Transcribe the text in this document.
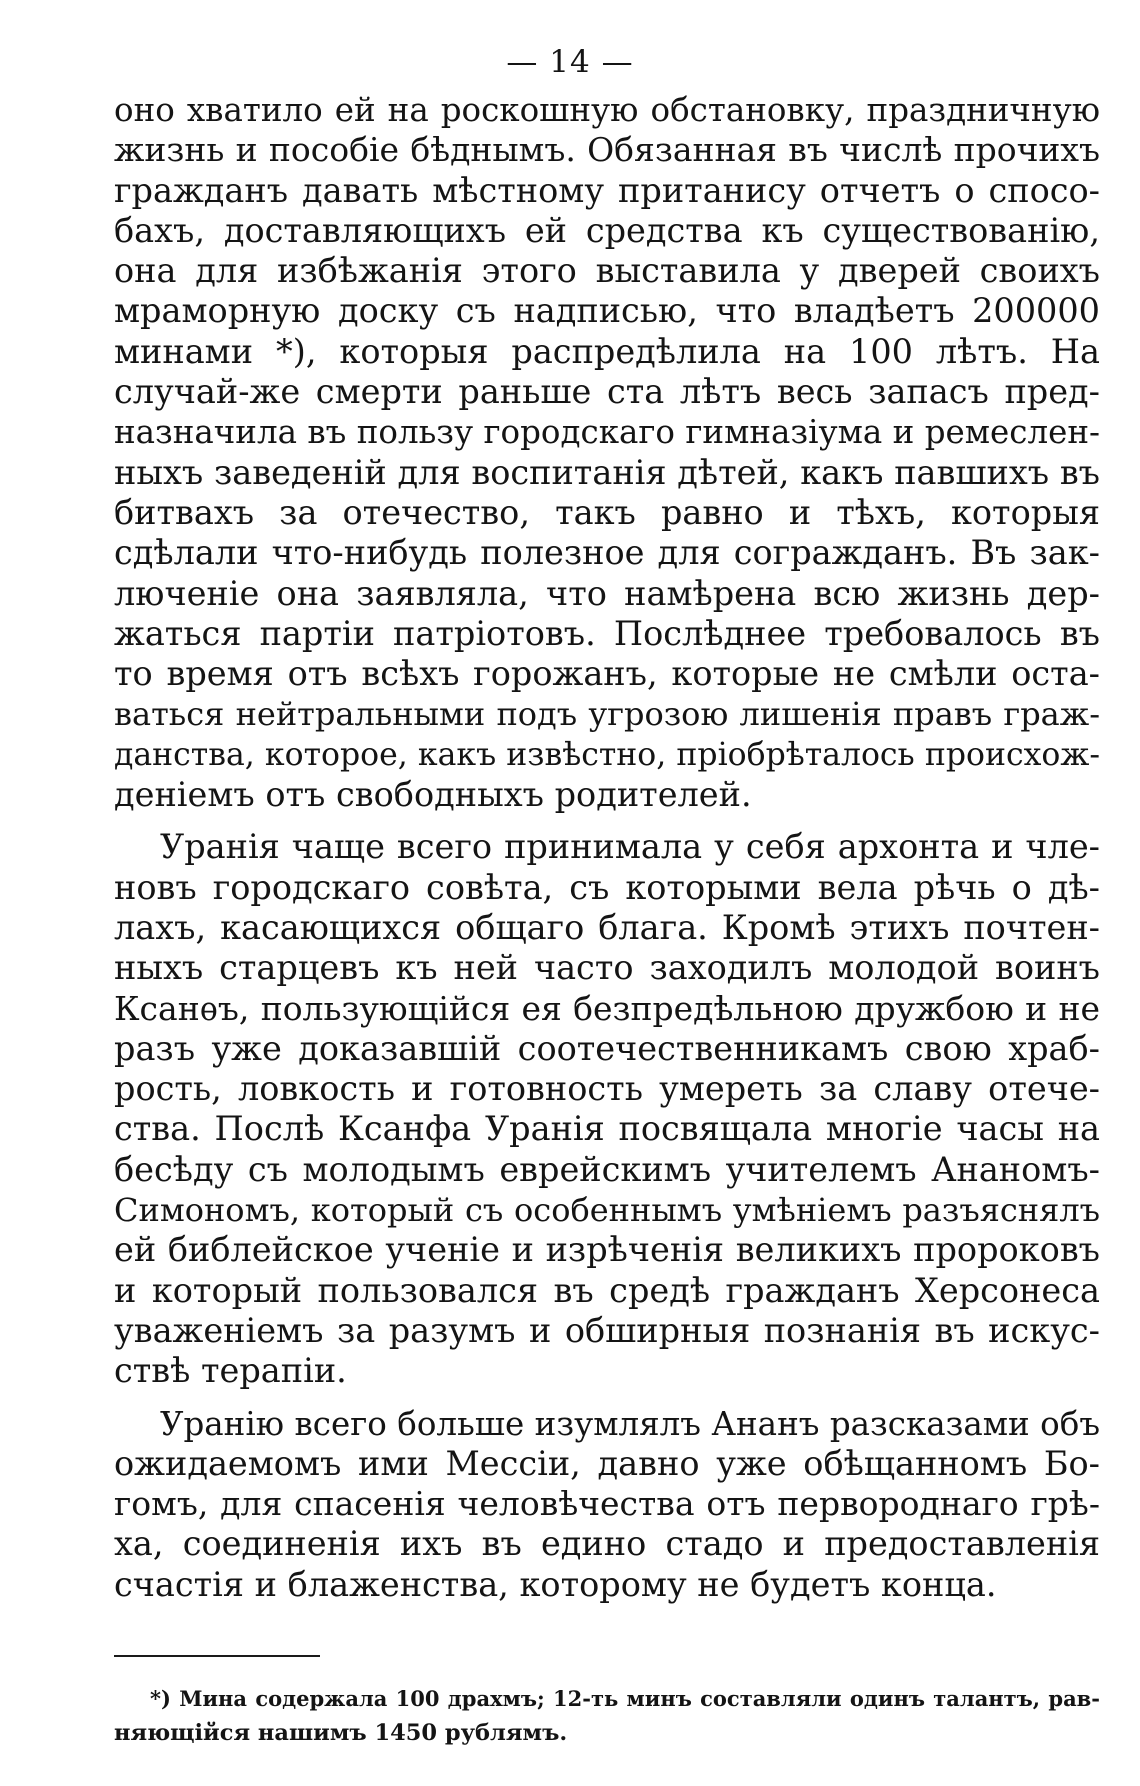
— 14 —
оно хватило ей на роскошную обстановку, праздничную
жизнь и пособіе бѣднымъ. Обязанная въ числѣ прочихъ
гражданъ давать мѣстному пританису отчетъ о спосо-
бахъ, доставляющихъ ей средства къ существованію,
она для избѣжанія этого выставила у дверей своихъ
мраморную доску съ надписью, что владѣетъ 200000
минами *), которыя распредѣлила на 100 лѣтъ. На
случай-же смерти раньше ста лѣтъ весь запасъ пред-
назначила въ пользу городскаго гимназіума и ремеслен-
ныхъ заведеній для воспитанія дѣтей, какъ павшихъ въ
битвахъ за отечество, такъ равно и тѣхъ, которыя
сдѣлали что-нибудь полезное для согражданъ. Въ зак-
люченіе она заявляла, что намѣрена всю жизнь дер-
жаться партіи патріотовъ. Послѣднее требовалось въ
то время отъ всѣхъ горожанъ, которые не смѣли оста-
ваться нейтральными подъ угрозою лишенія правъ граж-
данства, которое, какъ извѣстно, пріобрѣталось происхож-
деніемъ отъ свободныхъ родителей.
Уранія чаще всего принимала у себя архонта и чле-
новъ городскаго совѣта, съ которыми вела рѣчь о дѣ-
лахъ, касающихся общаго блага. Кромѣ этихъ почтен-
ныхъ старцевъ къ ней часто заходилъ молодой воинъ
Ксанѳъ, пользующійся ея безпредѣльною дружбою и не
разъ уже доказавшій соотечественникамъ свою храб-
рость, ловкость и готовность умереть за славу отече-
ства. Послѣ Ксанфа Уранія посвящала многіе часы на
бесѣду съ молодымъ еврейскимъ учителемъ Ананомъ-
Симономъ, который съ особеннымъ умѣніемъ разъяснялъ
ей библейское ученіе и изрѣченія великихъ пророковъ
и который пользовался въ средѣ гражданъ Херсонеса
уваженіемъ за разумъ и обширныя познанія въ искус-
ствѣ терапіи.
Уранію всего больше изумлялъ Ананъ разсказами объ
ожидаемомъ ими Мессіи, давно уже обѣщанномъ Бо-
гомъ, для спасенія человѣчества отъ первороднаго грѣ-
ха, соединенія ихъ въ едино стадо и предоставленія
счастія и блаженства, которому не будетъ конца.
*) Мина содержала 100 драхмъ; 12-ть минъ составляли одинъ талантъ, рав-
няющійся нашимъ 1450 рублямъ.
